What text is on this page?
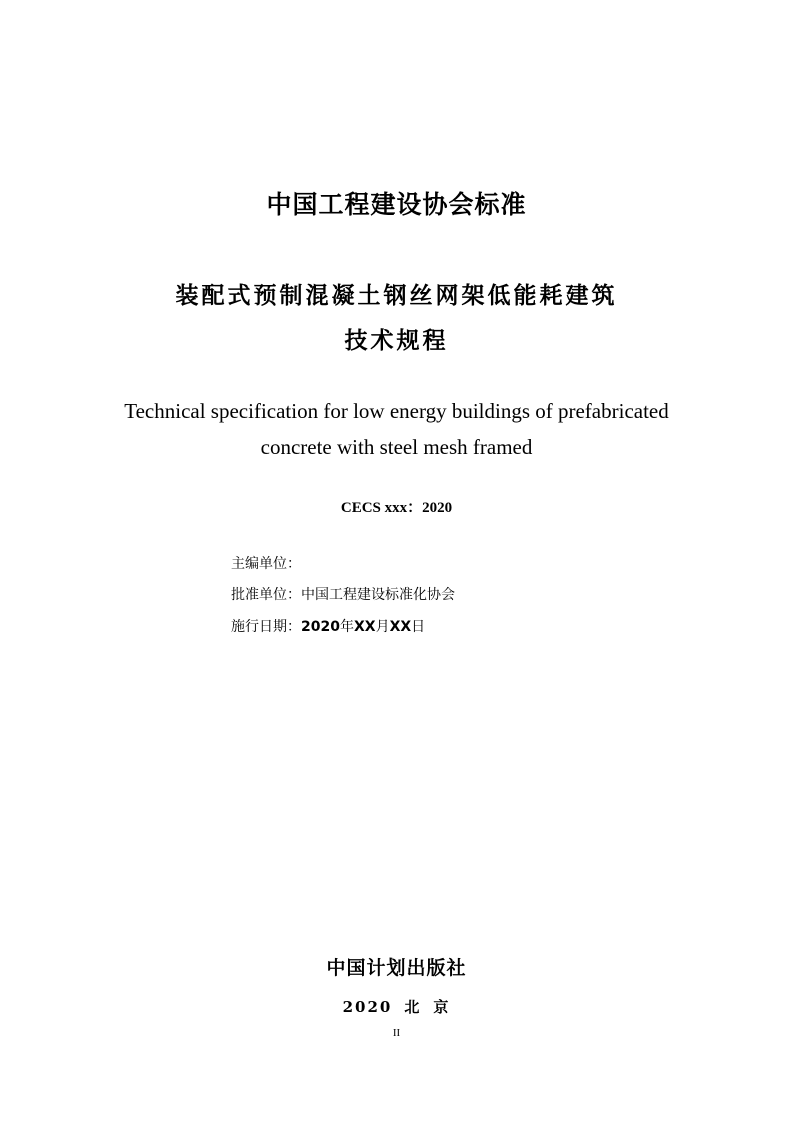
中国工程建设协会标准
装配式预制混凝土钢丝网架低能耗建筑
技术规程
Technical specification for low energy buildings of prefabricated
concrete with steel mesh framed
CECS xxx：2020
主编单位：
批准单位：中国工程建设标准化协会
施行日期：2020年XX月XX日
中国计划出版社
2020 北 京
II
